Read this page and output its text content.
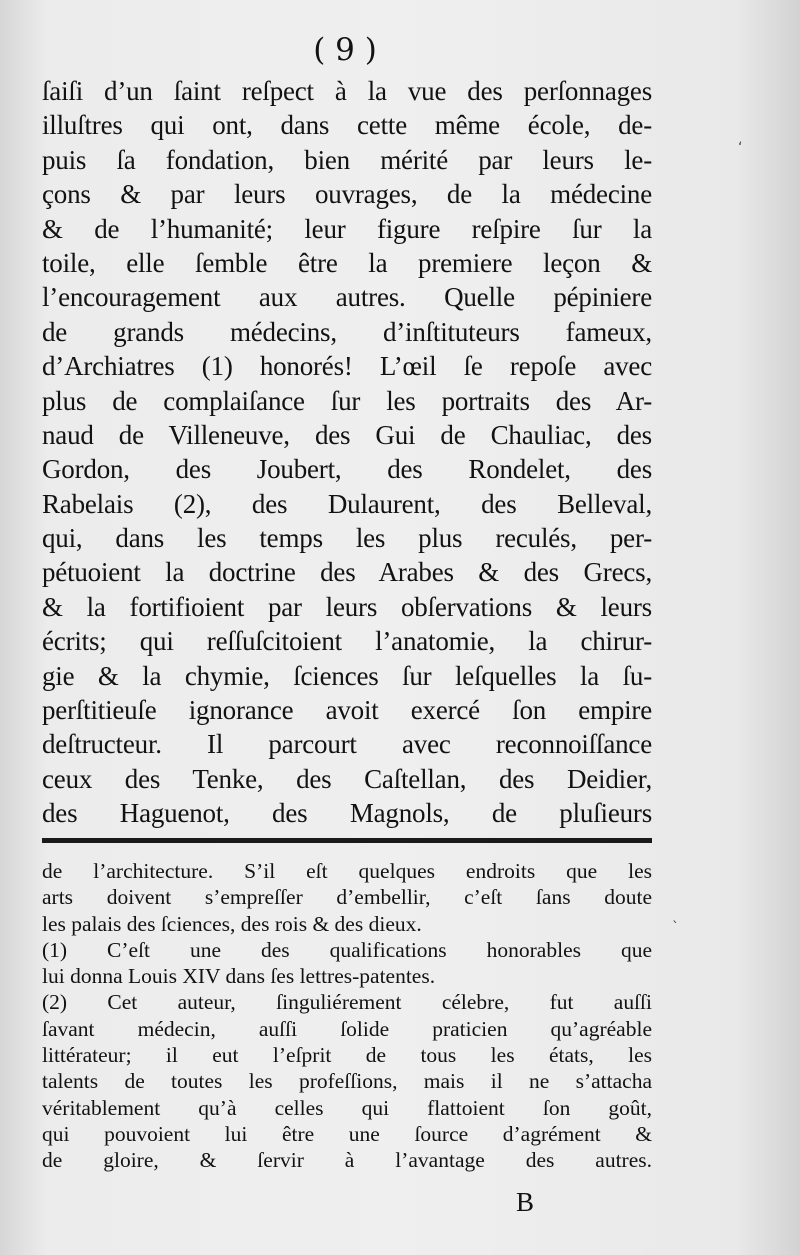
( 9 )
ſaiſi d’un ſaint reſpect à la vue des perſonnages
illuſtres qui ont, dans cette même école, de-
puis ſa fondation, bien mérité par leurs le-
çons & par leurs ouvrages, de la médecine
& de l’humanité; leur figure reſpire ſur la
toile, elle ſemble être la premiere leçon &
l’encouragement aux autres. Quelle pépiniere
de grands médecins, d’inſtituteurs fameux,
d’Archiatres (1) honorés! L’œil ſe repoſe avec
plus de complaiſance ſur les portraits des Ar-
naud de Villeneuve, des Gui de Chauliac, des
Gordon, des Joubert, des Rondelet, des
Rabelais (2), des Dulaurent, des Belleval,
qui, dans les temps les plus reculés, per-
pétuoient la doctrine des Arabes & des Grecs,
& la fortifioient par leurs obſervations & leurs
écrits; qui reſſuſcitoient l’anatomie, la chirur-
gie & la chymie, ſciences ſur leſquelles la ſu-
perſtitieuſe ignorance avoit exercé ſon empire
deſtructeur. Il parcourt avec reconnoiſſance
ceux des Tenke, des Caſtellan, des Deidier,
des Haguenot, des Magnols, de pluſieurs
de l’architecture. S’il eſt quelques endroits que les
arts doivent s’empreſſer d’embellir, c’eſt ſans doute
les palais des ſciences, des rois & des dieux.
(1) C’eſt une des qualifications honorables que
lui donna Louis XIV dans ſes lettres-patentes.
(2) Cet auteur, ſinguliérement célebre, fut auſſi
ſavant médecin, auſſi ſolide praticien qu’agréable
littérateur; il eut l’eſprit de tous les états, les
talents de toutes les profeſſions, mais il ne s’attacha
véritablement qu’à celles qui flattoient ſon goût,
qui pouvoient lui être une ſource d’agrément &
de gloire, & ſervir à l’avantage des autres.
B
‘
ˋ
